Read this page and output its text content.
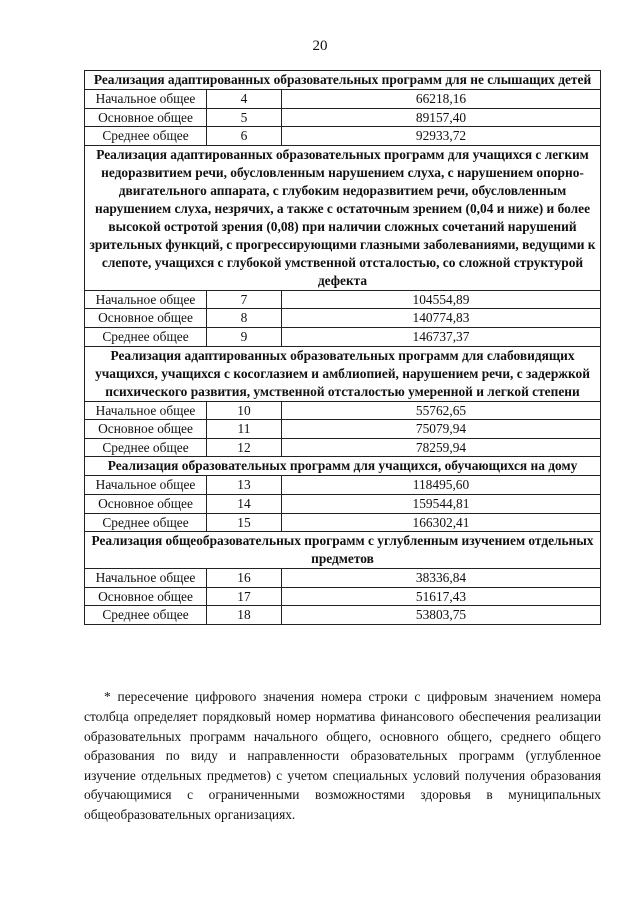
20
Реализация адаптированных образовательных программ для не слышащих детей		
Начальное общее	4	66218,16
Основное общее	5	89157,40
Среднее общее	6	92933,72
Реализация адаптированных образовательных программ для учащихся с легким недоразвитием речи, обусловленным нарушением слуха, с нарушением опорно-двигательного аппарата, с глубоким недоразвитием речи, обусловленным нарушением слуха, незрячих, а также с остаточным зрением (0,04 и ниже) и более высокой остротой зрения (0,08) при наличии сложных сочетаний нарушений зрительных функций, с прогрессирующими глазными заболеваниями, ведущими к слепоте, учащихся с глубокой умственной отсталостью, со сложной структурой дефекта		
Начальное общее	7	104554,89
Основное общее	8	140774,83
Среднее общее	9	146737,37
Реализация адаптированных образовательных программ для слабовидящих учащихся, учащихся с косоглазием и амблиопией, нарушением речи, с задержкой психического развития, умственной отсталостью умеренной и легкой степени		
Начальное общее	10	55762,65
Основное общее	11	75079,94
Среднее общее	12	78259,94
Реализация образовательных программ для учащихся, обучающихся на дому		
Начальное общее	13	118495,60
Основное общее	14	159544,81
Среднее общее	15	166302,41
Реализация общеобразовательных программ с углубленным изучением отдельных предметов		
Начальное общее	16	38336,84
Основное общее	17	51617,43
Среднее общее	18	53803,75

* пересечение цифрового значения номера строки с цифровым значением номера столбца определяет порядковый номер норматива финансового обеспечения реализации образовательных программ начального общего, основного общего, среднего общего образования по виду и направленности образовательных программ (углубленное изучение отдельных предметов) с учетом специальных условий получения образования обучающимися с ограниченными возможностями здоровья в муниципальных общеобразовательных организациях.
